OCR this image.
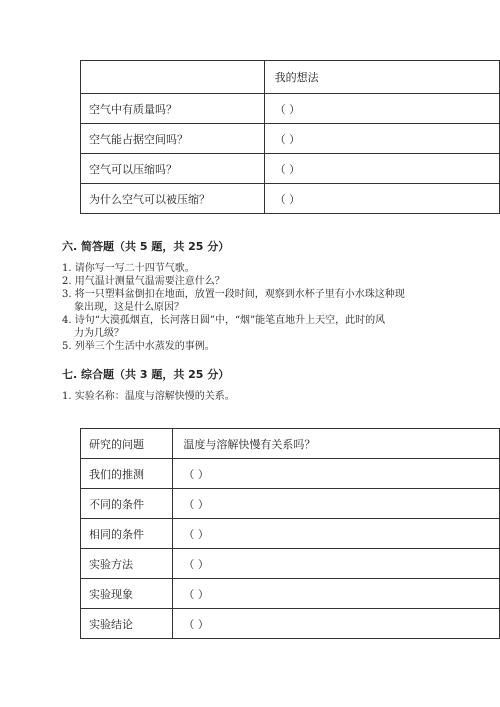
	我的想法
空气中有质量吗？	（ ）
空气能占据空间吗？	（ ）
空气可以压缩吗？	（ ）
为什么空气可以被压缩？	（ ）
六. 简答题（共 5 题，共 25 分）
1. 请你写一写二十四节气歌。
2. 用气温计测量气温需要注意什么？
3. 将一只塑料盆倒扣在地面，放置一段时间，观察到水杯子里有小水珠这种现
象出现，这是什么原因？
4. 诗句“大漠孤烟直，长河落日圆”中，“烟”能笔直地升上天空，此时的风
力为几级？
5. 列举三个生活中水蒸发的事例。
七. 综合题（共 3 题，共 25 分）
1. 实验名称：温度与溶解快慢的关系。
研究的问题	温度与溶解快慢有关系吗？
我们的推测	（ ）
不同的条件	（ ）
相同的条件	（ ）
实验方法	（ ）
实验现象	（ ）
实验结论	（ ）
